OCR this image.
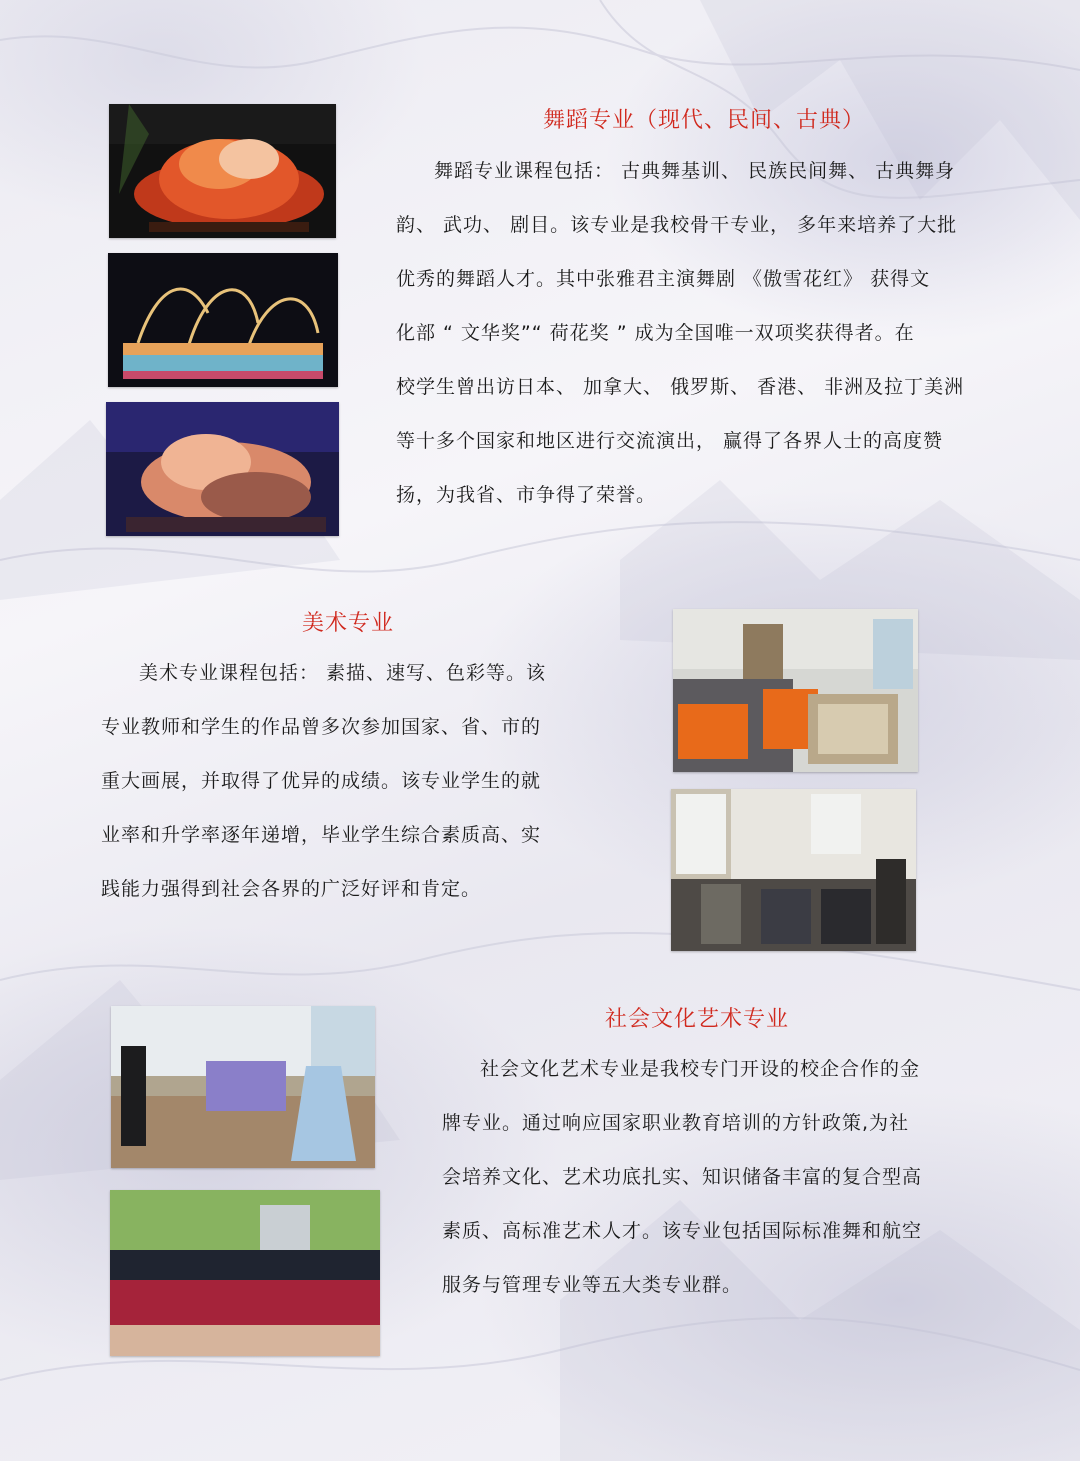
舞蹈专业（现代、民间、古典）
舞蹈专业课程包括： 古典舞基训、 民族民间舞、 古典舞身
韵、 武功、 剧目。该专业是我校骨干专业， 多年来培养了大批
优秀的舞蹈人才。其中张雅君主演舞剧 《傲雪花红》 获得文
化部 “ 文华奖”“ 荷花奖 ” 成为全国唯一双项奖获得者。在
校学生曾出访日本、 加拿大、 俄罗斯、 香港、 非洲及拉丁美洲
等十多个国家和地区进行交流演出， 赢得了各界人士的高度赞
扬，为我省、市争得了荣誉。
美术专业
美术专业课程包括： 素描、速写、色彩等。该
专业教师和学生的作品曾多次参加国家、省、市的
重大画展，并取得了优异的成绩。该专业学生的就
业率和升学率逐年递增，毕业学生综合素质高、实
践能力强得到社会各界的广泛好评和肯定。
社会文化艺术专业
社会文化艺术专业是我校专门开设的校企合作的金
牌专业。通过响应国家职业教育培训的方针政策,为社
会培养文化、艺术功底扎实、知识储备丰富的复合型高
素质、高标准艺术人才。该专业包括国际标准舞和航空
服务与管理专业等五大类专业群。
